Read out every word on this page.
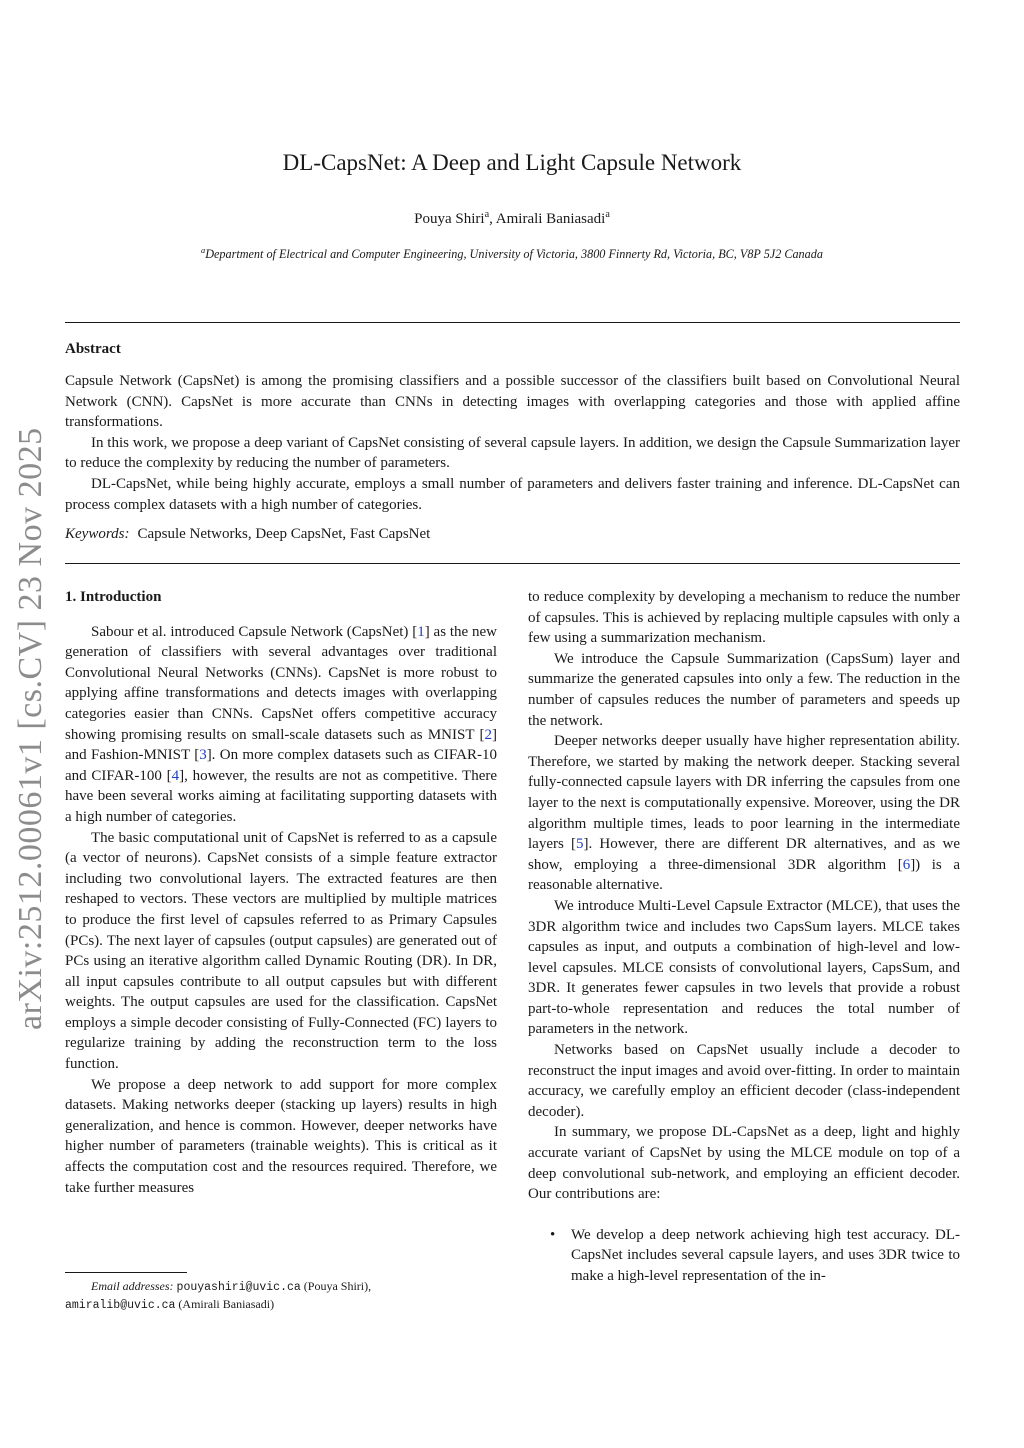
arXiv:2512.00061v1 [cs.CV] 23 Nov 2025
DL-CapsNet: A Deep and Light Capsule Network
Pouya Shiri$^a$, Amirali Baniasadi$^a$
$^a$Department of Electrical and Computer Engineering, University of Victoria, 3800 Finnerty Rd, Victoria, BC, V8P 5J2 Canada
Abstract

Capsule Network (CapsNet) is among the promising classifiers and a possible successor of the classifiers built based on Convolutional Neural Network (CNN). CapsNet is more accurate than CNNs in detecting images with overlapping categories and those with applied affine transformations.

In this work, we propose a deep variant of CapsNet consisting of several capsule layers. In addition, we design the Capsule Summarization layer to reduce the complexity by reducing the number of parameters.

DL-CapsNet, while being highly accurate, employs a small number of parameters and delivers faster training and inference. DL-CapsNet can process complex datasets with a high number of categories.

Keywords: Capsule Networks, Deep CapsNet, Fast CapsNet
1. Introduction

Sabour et al. introduced Capsule Network (CapsNet) [1] as the new generation of classifiers with several advantages over traditional Convolutional Neural Networks (CNNs). CapsNet is more robust to applying affine transformations and detects images with overlapping categories easier than CNNs. CapsNet offers competitive accuracy showing promising results on small-scale datasets such as MNIST [2] and Fashion-MNIST [3]. On more complex datasets such as CIFAR-10 and CIFAR-100 [4], however, the results are not as competitive. There have been several works aiming at facilitating supporting datasets with a high number of categories.

The basic computational unit of CapsNet is referred to as a capsule (a vector of neurons). CapsNet consists of a simple feature extractor including two convolutional layers. The extracted features are then reshaped to vectors. These vectors are multiplied by multiple matrices to produce the first level of capsules referred to as Primary Capsules (PCs). The next layer of capsules (output capsules) are generated out of PCs using an iterative algorithm called Dynamic Routing (DR). In DR, all input capsules contribute to all output capsules but with different weights. The output capsules are used for the classification. CapsNet employs a simple decoder consisting of Fully-Connected (FC) layers to regularize training by adding the reconstruction term to the loss function.

We propose a deep network to add support for more complex datasets. Making networks deeper (stacking up layers) results in high generalization, and hence is common. However, deeper networks have higher number of parameters (trainable weights). This is critical as it affects the computation cost and the resources required. Therefore, we take further measures

Email addresses: pouyashiri@uvic.ca (Pouya Shiri),
amiralib@uvic.ca (Amirali Baniasadi)

to reduce complexity by developing a mechanism to reduce the number of capsules. This is achieved by replacing multiple capsules with only a few using a summarization mechanism.

We introduce the Capsule Summarization (CapsSum) layer and summarize the generated capsules into only a few. The reduction in the number of capsules reduces the number of parameters and speeds up the network.

Deeper networks deeper usually have higher representation ability. Therefore, we started by making the network deeper. Stacking several fully-connected capsule layers with DR inferring the capsules from one layer to the next is computationally expensive. Moreover, using the DR algorithm multiple times, leads to poor learning in the intermediate layers [5]. However, there are different DR alternatives, and as we show, employing a three-dimensional 3DR algorithm [6]) is a reasonable alternative.

We introduce Multi-Level Capsule Extractor (MLCE), that uses the 3DR algorithm twice and includes two CapsSum layers. MLCE takes capsules as input, and outputs a combination of high-level and low-level capsules. MLCE consists of convolutional layers, CapsSum, and 3DR. It generates fewer capsules in two levels that provide a robust part-to-whole representation and reduces the total number of parameters in the network.

Networks based on CapsNet usually include a decoder to reconstruct the input images and avoid over-fitting. In order to maintain accuracy, we carefully employ an efficient decoder (class-independent decoder).

In summary, we propose DL-CapsNet as a deep, light and highly accurate variant of CapsNet by using the MLCE module on top of a deep convolutional sub-network, and employing an efficient decoder. Our contributions are:

• We develop a deep network achieving high test accuracy. DL-CapsNet includes several capsule layers, and uses 3DR twice to make a high-level representation of the in-
